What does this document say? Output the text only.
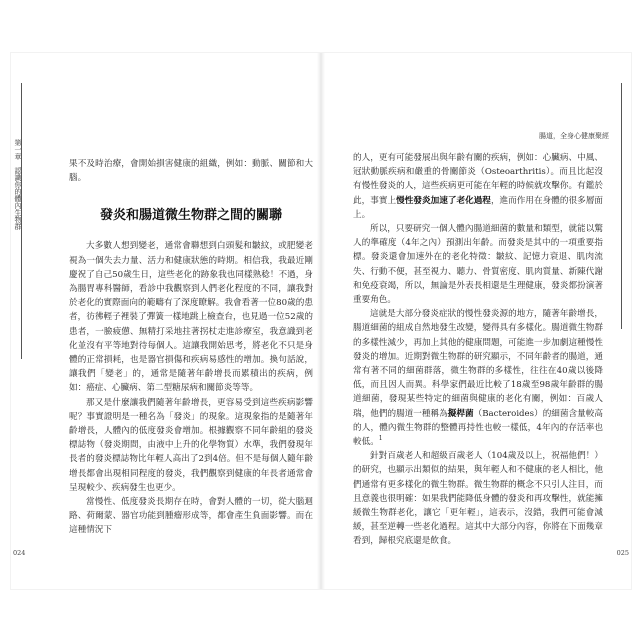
第一章　認識你的體內生物群	果不及時治療，會開始損害健康的組織，例如：動脈、關節和大腦。

發炎和腸道微生物群之間的關聯

大多數人想到變老，通常會聯想到白頭髮和皺紋，或肥變老視為一個失去力量、活力和健康狀態的時期。相信我，我最近剛慶祝了自己50歲生日，這些老化的跡象我也同樣熟稔！不過，身為腸胃專科醫師，看診中我觀察到人們老化程度的不同，讓我對於老化的實際面向的範疇有了深度瞭解。我會看著一位80歲的患者，彷彿輕子裡裝了彈簧一樣地跳上檢查台，也見過一位52歲的患者，一臉疲憊、無精打采地拄著拐杖走進診療室，我意識到老化並沒有平等地對待每個人。這讓我開始思考，將老化不只是身體的正常損耗，也是器官損傷和疾病易感性的增加。換句話說，讓我們「變老」的，通常是隨著年齡增長而累積出的疾病，例如：癌症、心臟病、第二型糖尿病和關節炎等等。

那又是什麼讓我們隨著年齡增長，更容易受到這些疾病影響呢？事實證明是一種名為「發炎」的現象。這現象指的是隨著年齡增長，人體內的低度發炎會增加。根據觀察不同年齡組的發炎標誌物（發炎期間，由液中上升的化學物質）水準，我們發現年長者的發炎標誌物比年輕人高出了2到4倍。但不是每個人隨年齡增長都會出現相同程度的發炎，我們觀察到健康的年長者通常會呈現較少、疾病發生也更少。

當慢性、低度發炎長期存在時，會對人體的一切，從大腦迴路、荷爾蒙、器官功能到腫瘤形成等，都會產生負面影響。而在這種情況下

024
腸道，全身心健康聚經

的人，更有可能發展出與年齡有關的疾病，例如：心臟病、中風、冠狀動脈疾病和嚴重的骨關節炎（Osteoarthritis）。而且比起沒有慢性發炎的人，這些疾病更可能在年輕的時候就攻擊你。有鑑於此，事實上慢性發炎加速了老化過程，進而作用在身體的很多層面上。

所以，只要研究一個人體內腸道細菌的數量和類型，就能以驚人的準確度（4年之內）預測出年齡。而發炎是其中的一項重要指標。發炎還會加速外在的老化特徵：皺紋、記憶力衰退、肌肉流失、行動不便，甚至視力、聽力、骨質密度、肌肉質量、新陳代謝和免疫衰竭，所以，無論是外表長相還是生理健康，發炎都扮演著重要角色。

這就是大部分發炎症狀的慢性發炎源的地方，隨著年齡增長，腸道細菌的組成自然地發生改變，變得具有多樣化。腸道微生物群的多樣性減少，再加上其他的健康問題，可能進一步加劇這種慢性發炎的增加。近期對微生物群的研究顯示，不同年齡者的腸道，通常有著不同的細菌群落，微生物群的多樣性，往往在40歲以後降低，而且因人而異。科學家們最近比較了18歲至98歲年齡群的腸道細菌，發現某些特定的細菌與健康的老化有關，例如：百歲人瑞，他們的腸道一種稱為擬桿菌（Bacteroides）的細菌含量較高的人，體內微生物群的整體再持性也較一樣低，4年內的存活率也較低。$^1$

針對百歲老人和超級百歲老人（104歲及以上，祝福他們！）的研究，也顯示出類似的結果，與年輕人和不健康的老人相比，他們通常有更多樣化的微生物群。微生物群的概念不只引人注目，而且意義也很明確：如果我們能降低身體的發炎和再攻擊性，就能擁緩微生物群老化，讓它「更年輕」，這表示，沒錯，我們可能會減緩，甚至逆轉一些老化過程。這其中大部分內容，你將在下面幾章看到，歸根究底還是飲食。

025
